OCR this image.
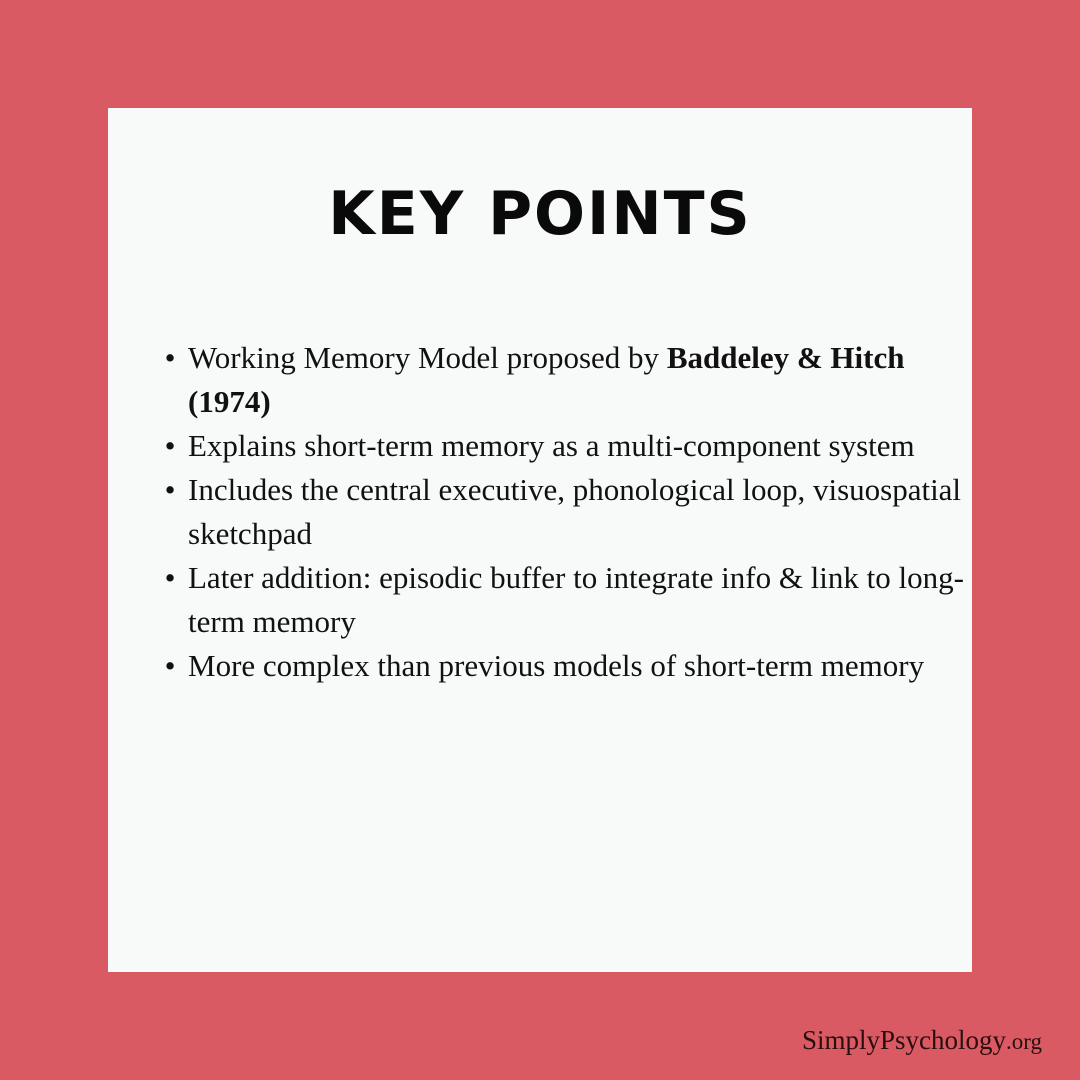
KEY POINTS
• Working Memory Model proposed by Baddeley & Hitch (1974)
• Explains short-term memory as a multi-component system
• Includes the central executive, phonological loop, visuospatial sketchpad
• Later addition: episodic buffer to integrate info & link to long-term memory
• More complex than previous models of short-term memory
SimplyPsychology.org
